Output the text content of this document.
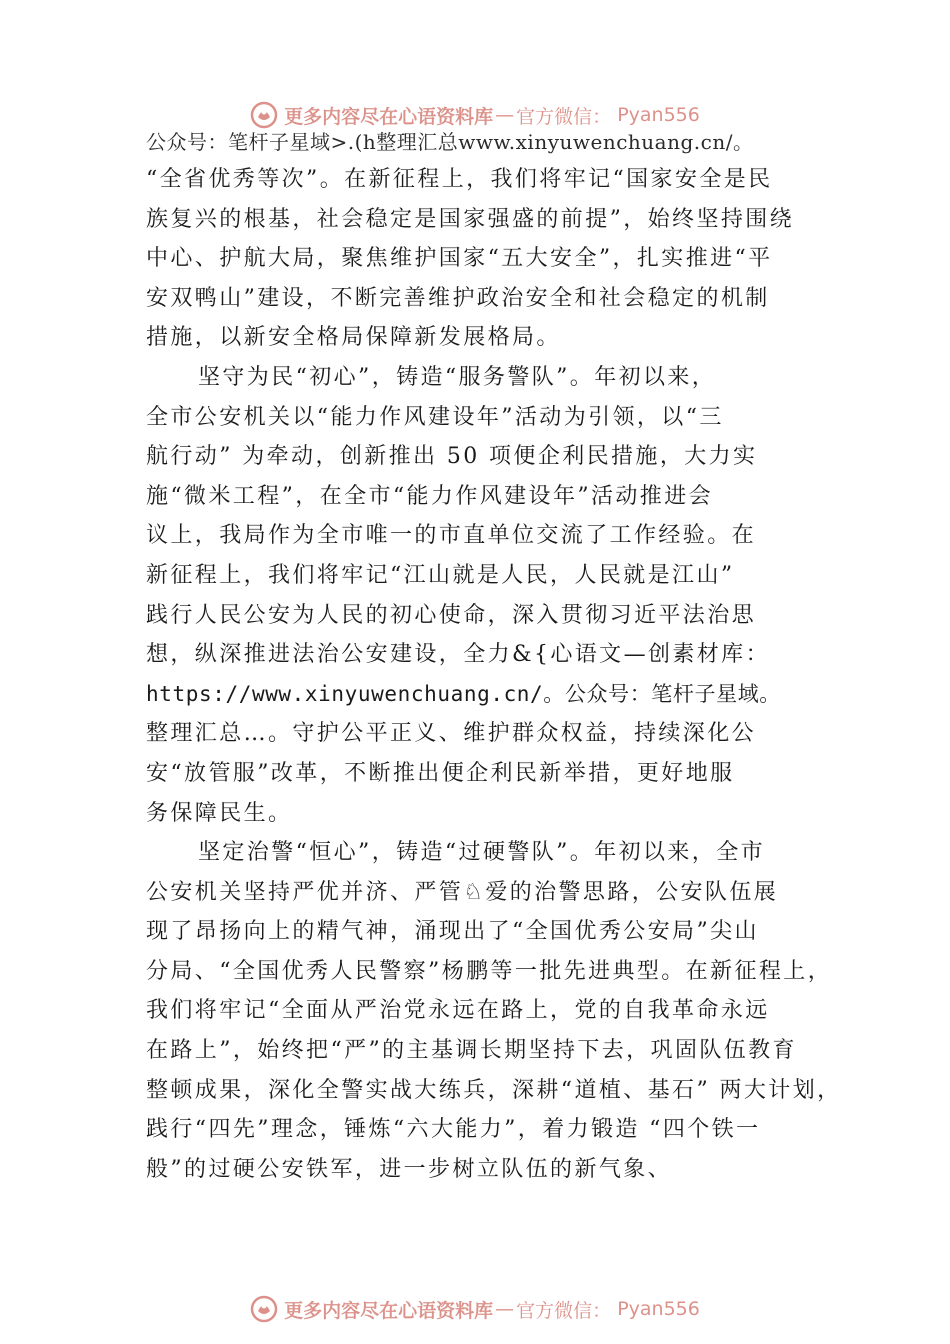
更多内容尽在心语资料库 — 官方微信： Pyan556
公众号：笔杆子星域>.(h整理汇总www.xinyuwenchuang.cn/。
“全省优秀等次”。在新征程上，我们将牢记“国家安全是民
族复兴的根基，社会稳定是国家强盛的前提”，始终坚持围绕
中心、护航大局，聚焦维护国家“五大安全”，扎实推进“平
安双鸭山”建设，不断完善维护政治安全和社会稳定的机制
措施，以新安全格局保障新发展格局。
坚守为民“初心”，铸造“服务警队”。年初以来，
全市公安机关以“能力作风建设年”活动为引领，以“三
航行动” 为牵动，创新推出 50 项便企利民措施，大力实
施“微米工程”，在全市“能力作风建设年”活动推进会
议上，我局作为全市唯一的市直单位交流了工作经验。在
新征程上，我们将牢记“江山就是人民，人民就是江山”
践行人民公安为人民的初心使命，深入贯彻习近平法治思
想，纵深推进法治公安建设，全力&{心语文—创素材库：
https://www.xinyuwenchuang.cn/。公众号：笔杆子星域。
整理汇总…。守护公平正义、维护群众权益，持续深化公
安“放管服”改革，不断推出便企利民新举措，更好地服
务保障民生。
坚定治警“恒心”，铸造“过硬警队”。年初以来，全市
公安机关坚持严优并济、严管♘爱的治警思路，公安队伍展
现了昂扬向上的精气神，涌现出了“全国优秀公安局”尖山
分局、“全国优秀人民警察”杨鹏等一批先进典型。在新征程上，
我们将牢记“全面从严治党永远在路上，党的自我革命永远
在路上”，始终把“严”的主基调长期坚持下去，巩固队伍教育
整顿成果，深化全警实战大练兵，深耕“道植、基石” 两大计划，
践行“四先”理念，锤炼“六大能力”，着力锻造 “四个铁一
般”的过硬公安铁军，进一步树立队伍的新气象、
更多内容尽在心语资料库 — 官方微信： Pyan556
